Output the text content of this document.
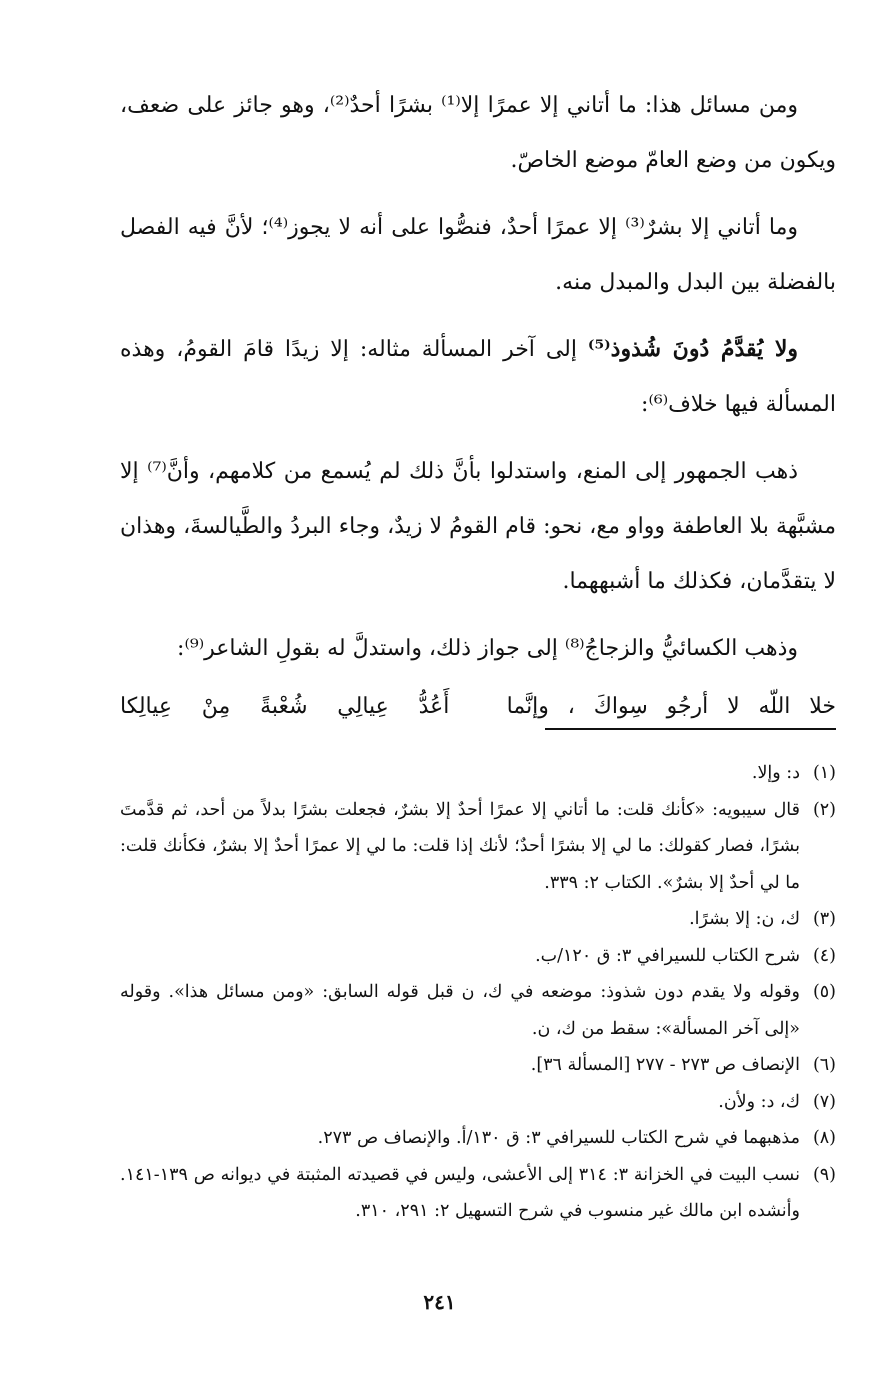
ومن مسائل هذا: ما أتاني إلا عمرًا إلا⁽¹⁾ بشرًا أحدٌ⁽²⁾، وهو جائز على ضعف، ويكون من وضع العامّ موضع الخاصّ.

وما أتاني إلا بشرٌ⁽³⁾ إلا عمرًا أحدٌ، فنصُّوا على أنه لا يجوز⁽⁴⁾؛ لأنَّ فيه الفصل بالفضلة بين البدل والمبدل منه.

ولا يُقدَّمُ دُونَ شُذوذ⁽⁵⁾ إلى آخر المسألة مثاله: إلا زيدًا قامَ القومُ، وهذه المسألة فيها خلاف⁽⁶⁾:

ذهب الجمهور إلى المنع، واستدلوا بأنَّ ذلك لم يُسمع من كلامهم، وأنَّ⁽⁷⁾ إلا مشبَّهة بلا العاطفة وواو مع، نحو: قام القومُ لا زيدٌ، وجاء البردُ والطَّيالسةَ، وهذان لا يتقدَّمان، فكذلك ما أشبههما.

وذهب الكسائيُّ والزجاجُ⁽⁸⁾ إلى جواز ذلك، واستدلَّ له بقولِ الشاعر⁽⁹⁾:

خلا اللّه لا أرجُو سِواكَ ، وإنَّما
أَعُدُّ عِيالِي شُعْبةً مِنْ عِيالِكا

(١)د: وإلا.

(٢)قال سيبويه: «كأنك قلت: ما أتاني إلا عمرًا أحدٌ إلا بشرٌ، فجعلت بشرًا بدلاً من أحد، ثم قدَّمتَ بشرًا، فصار كقولك: ما لي إلا بشرًا أحدٌ؛ لأنك إذا قلت: ما لي إلا عمرًا أحدٌ إلا بشرٌ، فكأنك قلت: ما لي أحدٌ إلا بشرٌ». الكتاب ٢: ٣٣٩.

(٣)ك، ن: إلا بشرًا.

(٤)شرح الكتاب للسيرافي ٣: ق ١٢٠/ب.

(٥)وقوله ولا يقدم دون شذوذ: موضعه في ك، ن قبل قوله السابق: «ومن مسائل هذا». وقوله «إلى آخر المسألة»: سقط من ك، ن.

(٦)الإنصاف ص ٢٧٣ - ٢٧٧ [المسألة ٣٦].

(٧)ك، د: ولأن.

(٨)مذهبهما في شرح الكتاب للسيرافي ٣: ق ١٣٠/أ. والإنصاف ص ٢٧٣.

(٩)نسب البيت في الخزانة ٣: ٣١٤ إلى الأعشى، وليس في قصيدته المثبتة في ديوانه ص ١٣٩-١٤١. وأنشده ابن مالك غير منسوب في شرح التسهيل ٢: ٢٩١، ٣١٠.

٢٤١
